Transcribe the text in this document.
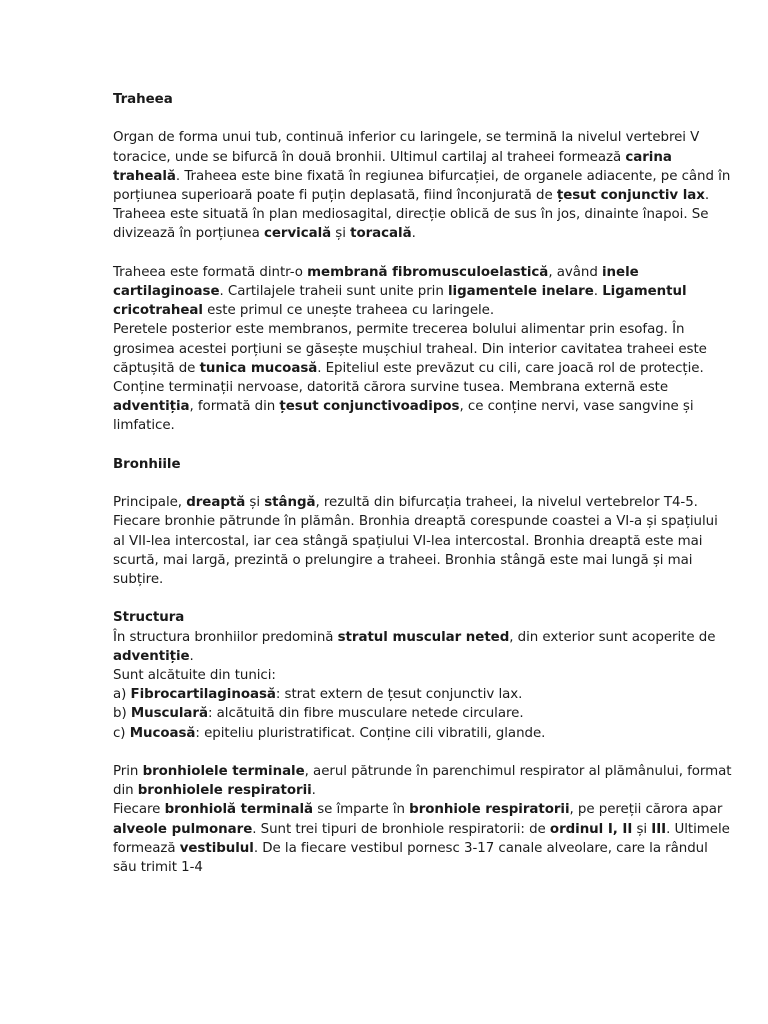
Traheea

Organ de forma unui tub, continuă inferior cu laringele, se termină la nivelul vertebrei V toracice, unde se bifurcă în două bronhii. Ultimul cartilaj al traheei formează carina traheală. Traheea este bine fixată în regiunea bifurcației, de organele adiacente, pe când în porțiunea superioară poate fi puțin deplasată, fiind înconjurată de țesut conjunctiv lax.

Traheea este situată în plan mediosagital, direcție oblică de sus în jos, dinainte înapoi. Se divizează în porțiunea cervicală și toracală.

Traheea este formată dintr-o membrană fibromusculoelastică, având inele cartilaginoase. Cartilajele traheii sunt unite prin ligamentele inelare. Ligamentul cricotraheal este primul ce unește traheea cu laringele.

Peretele posterior este membranos, permite trecerea bolului alimentar prin esofag. În grosimea acestei porțiuni se găsește mușchiul traheal. Din interior cavitatea traheei este căptușită de tunica mucoasă. Epiteliul este prevăzut cu cili, care joacă rol de protecție. Conține terminații nervoase, datorită cărora survine tusea. Membrana externă este adventiția, formată din țesut conjunctivoadipos, ce conține nervi, vase sangvine și limfatice.

Bronhiile

Principale, dreaptă și stângă, rezultă din bifurcația traheei, la nivelul vertebrelor T4-5. Fiecare bronhie pătrunde în plămân. Bronhia dreaptă corespunde coastei a VI-a și spațiului al VII-lea intercostal, iar cea stângă spațiului VI-lea intercostal. Bronhia dreaptă este mai scurtă, mai largă, prezintă o prelungire a traheei. Bronhia stângă este mai lungă și mai subțire.

Structura

În structura bronhiilor predomină stratul muscular neted, din exterior sunt acoperite de adventiție.

Sunt alcătuite din tunici:

a) Fibrocartilaginoasă: strat extern de țesut conjunctiv lax.

b) Musculară: alcătuită din fibre musculare netede circulare.

c) Mucoasă: epiteliu pluristratificat. Conține cili vibratili, glande.

Prin bronhiolele terminale, aerul pătrunde în parenchimul respirator al plămânului, format din bronhiolele respiratorii.

Fiecare bronhiolă terminală se împarte în bronhiole respiratorii, pe pereții cărora apar alveole pulmonare. Sunt trei tipuri de bronhiole respiratorii: de ordinul I, II și III. Ultimele formează vestibulul. De la fiecare vestibul pornesc 3-17 canale alveolare, care la rândul său trimit 1-4
